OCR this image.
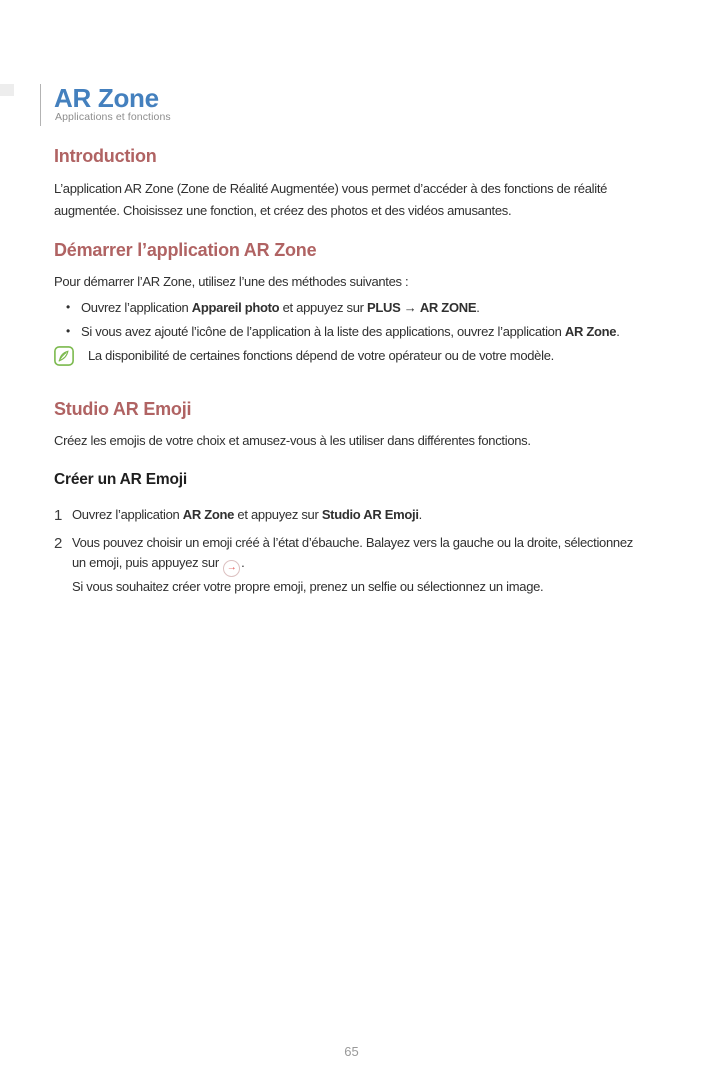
Applications et fonctions
AR Zone
Introduction

L’application AR Zone (Zone de Réalité Augmentée) vous permet d’accéder à des fonctions de réalité augmentée. Choisissez une fonction, et créez des photos et des vidéos amusantes.

Démarrer l’application AR Zone

Pour démarrer l’AR Zone, utilisez l’une des méthodes suivantes :

• Ouvrez l’application Appareil photo et appuyez sur PLUS → AR ZONE.
• Si vous avez ajouté l’icône de l’application à la liste des applications, ouvrez l’application AR Zone.
La disponibilité de certaines fonctions dépend de votre opérateur ou de votre modèle.
Studio AR Emoji

Créez les emojis de votre choix et amusez-vous à les utiliser dans différentes fonctions.

Créer un AR Emoji
1 Ouvrez l’application AR Zone et appuyez sur Studio AR Emoji.
2 Vous pouvez choisir un emoji créé à l’état d’ébauche. Balayez vers la gauche ou la droite, sélectionnez un emoji, puis appuyez sur → .
Si vous souhaitez créer votre propre emoji, prenez un selfie ou sélectionnez un image.
65
